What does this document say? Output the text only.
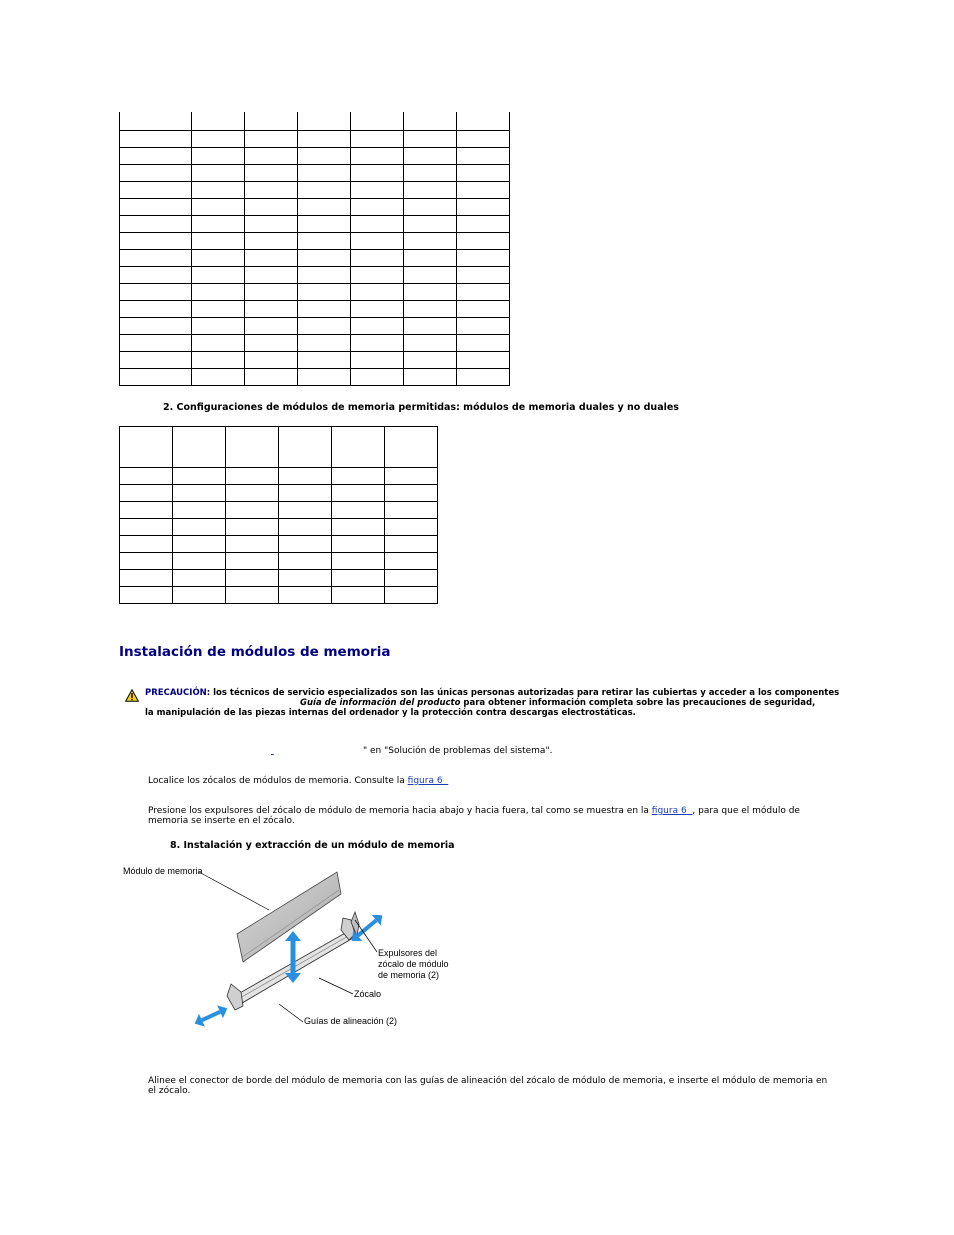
2. Configuraciones de módulos de memoria permitidas: módulos de memoria duales y no duales

Instalación de módulos de memoria
PRECAUCIÓN: los técnicos de servicio especializados son las únicas personas autorizadas para retirar las cubiertas y acceder a los componentes
Guía de información del producto para obtener información completa sobre las precauciones de seguridad,
la manipulación de las piezas internas del ordenador y la protección contra descargas electrostáticas.
" en "Solución de problemas del sistema".
Localice los zócalos de módulos de memoria. Consulte la figura 6
Presione los expulsores del zócalo de módulo de memoria hacia abajo y hacia fuera, tal como se muestra en la figura 6 , para que el módulo de memoria se inserte en el zócalo.
8. Instalación y extracción de un módulo de memoria
Módulo de memoria
Expulsores del
zócalo de módulo
de memoria (2)
Zócalo
Guías de alineación (2)
Alinee el conector de borde del módulo de memoria con las guías de alineación del zócalo de módulo de memoria, e inserte el módulo de memoria en el zócalo.
